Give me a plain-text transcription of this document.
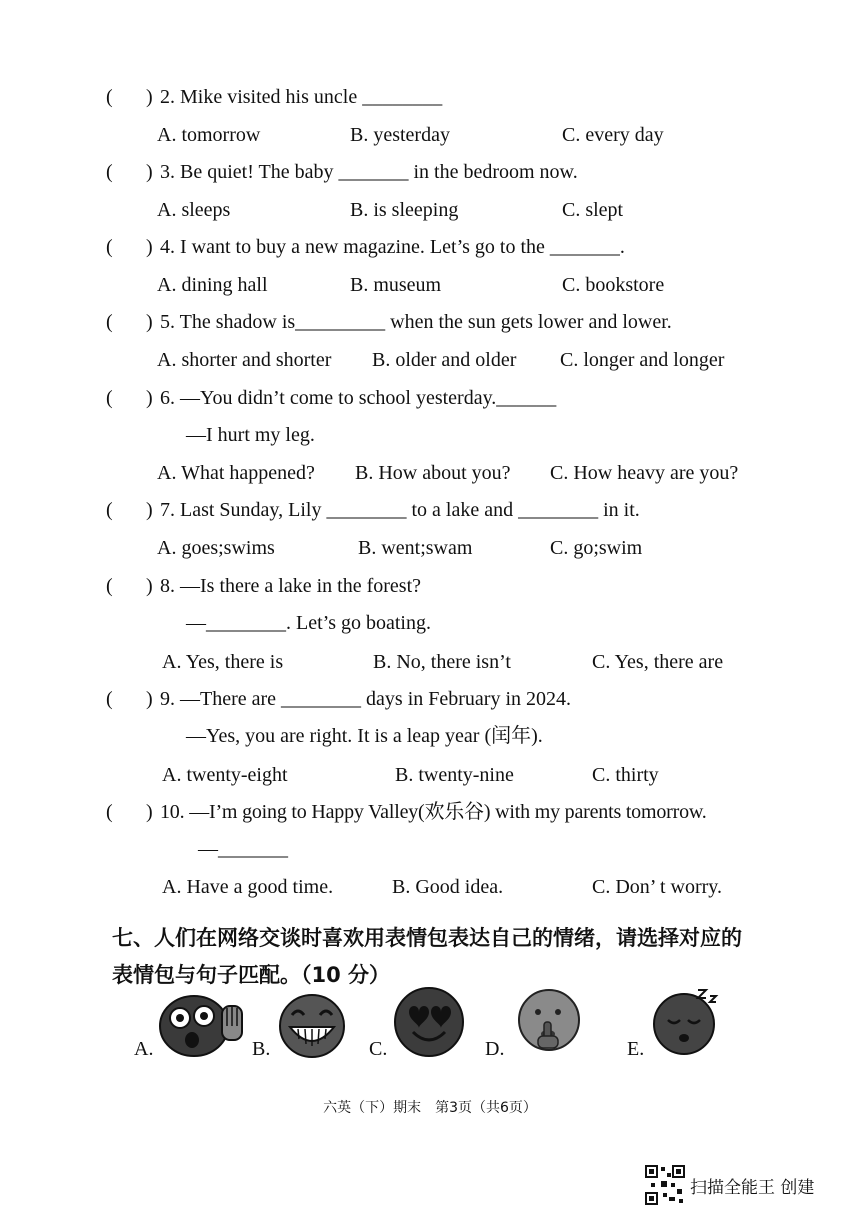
( ) 2. Mike visited his uncle ________
A. tomorrow	B. yesterday	C. every day
( ) 3. Be quiet! The baby _______ in the bedroom now.
A. sleeps	B. is sleeping	C. slept
( ) 4. I want to buy a new magazine. Let’s go to the _______.
A. dining hall	B. museum	C. bookstore
( ) 5. The shadow is_________ when the sun gets lower and lower.
A. shorter and shorter B. older and older C. longer and longer
( ) 6. —You didn’t come to school yesterday.______
—I hurt my leg.
A. What happened? B. How about you? C. How heavy are you?
( ) 7. Last Sunday, Lily ________ to a lake and ________ in it.
A. goes;swims	B. went;swam	C. go;swim
( ) 8. —Is there a lake in the forest?
—________. Let’s go boating.
A. Yes, there is	B. No, there isn’t	C. Yes, there are
( ) 9. —There are ________ days in February in 2024.
—Yes, you are right. It is a leap year (闰年).
A. twenty-eight	B. twenty-nine	C. thirty
( ) 10. —I’m going to Happy Valley(欢乐谷) with my parents tomorrow.
—_______
A. Have a good time.	B. Good idea.	C. Don’ t worry.
七、人们在网络交谈时喜欢用表情包表达自己的情绪，请选择对应的
表情包与句子匹配。（10 分）
A.	B.	C.	D.	E.
六英（下）期末　第3页（共6页）
扫描全能王 创建
